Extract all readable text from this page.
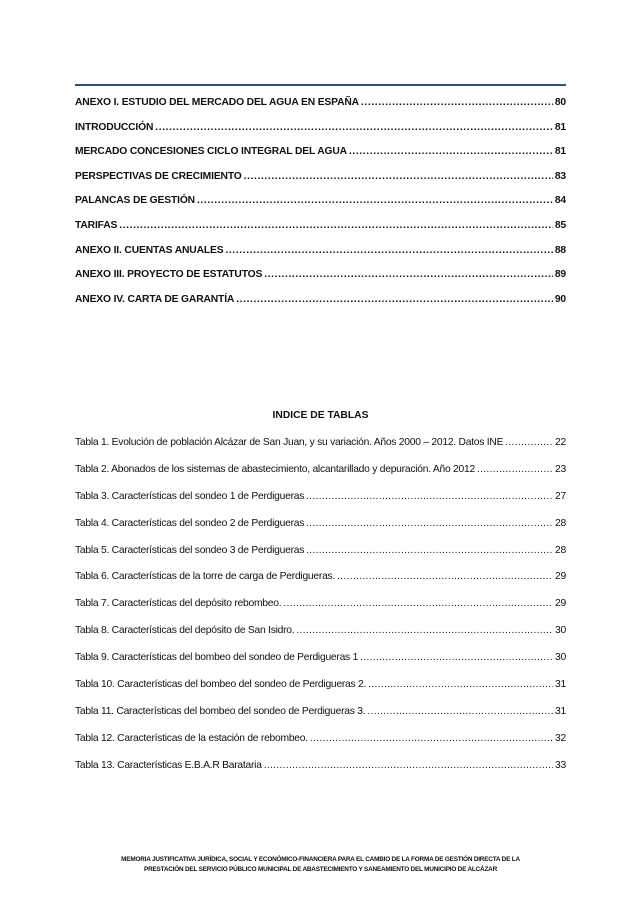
ANEXO I. ESTUDIO DEL MERCADO DEL AGUA EN ESPAÑA .....	80
INTRODUCCIÓN .....	81
MERCADO CONCESIONES CICLO INTEGRAL DEL AGUA .....	81
PERSPECTIVAS DE CRECIMIENTO .....	83
PALANCAS DE GESTIÓN .....	84
TARIFAS .....	85
ANEXO II. CUENTAS ANUALES .....	88
ANEXO III. PROYECTO DE ESTATUTOS .....	89
ANEXO IV. CARTA DE GARANTÍA .....	90
INDICE DE TABLAS
Tabla 1. Evolución de población Alcázar de San Juan, y su variación. Años 2000 – 2012. Datos INE .....	22
Tabla 2. Abonados de los sistemas de abastecimiento, alcantarillado y depuración. Año 2012 .....	23
Tabla 3. Características del sondeo 1 de Perdigueras .....	27
Tabla 4. Características del sondeo 2 de Perdigueras .....	28
Tabla 5. Características del sondeo 3 de Perdigueras .....	28
Tabla 6. Características de la torre de carga de Perdigueras. .....	29
Tabla 7. Características del depósito rebombeo. .....	29
Tabla 8. Características del depósito de San Isidro. .....	30
Tabla 9. Características del bombeo del sondeo de Perdigueras 1 .....	30
Tabla 10. Características del bombeo del sondeo de Perdigueras 2. .....	31
Tabla 11. Características del bombeo del sondeo de Perdigueras 3. .....	31
Tabla 12. Características de la estación de rebombeo. .....	32
Tabla 13. Características E.B.A.R Barataria .....	33
MEMORIA JUSTIFICATIVA JURÍDICA, SOCIAL Y ECONÓMICO-FINANCIERA PARA EL CAMBIO DE LA FORMA DE GESTIÓN DIRECTA DE LA
PRESTACIÓN DEL SERVICIO PÚBLICO MUNICIPAL DE ABASTECIMIENTO Y SANEAMIENTO DEL MUNICIPIO DE ALCÁZAR
